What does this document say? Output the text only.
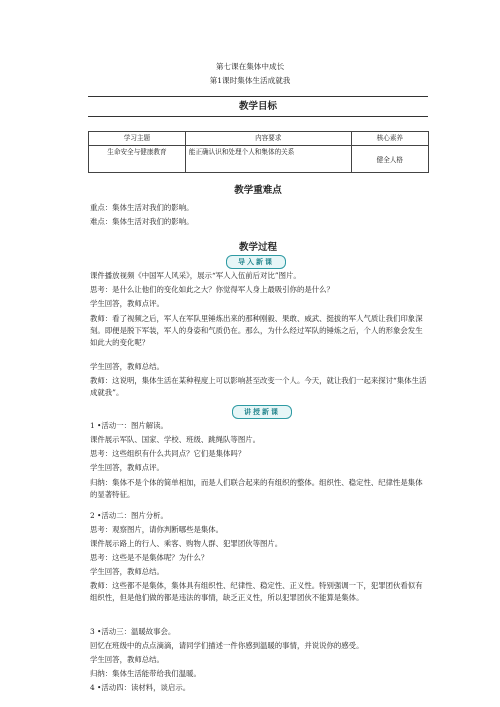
第七课在集体中成长
第1课时集体生活成就我
教学目标
学习主题	内容要求	核心素养
生命安全与健康教育	能正确认识和处理个人和集体的关系	健全人格
教学重难点

重点：集体生活对我们的影响。

难点：集体生活对我们的影响。

教学过程
导入新课

课件播放视频《中国军人风采》，展示“军人入伍前后对比”图片。

思考：是什么让他们的变化如此之大？你觉得军人身上最吸引你的是什么？

学生回答，教师点评。

教师：看了视频之后，军人在军队里锤炼出来的那种刚毅、果敢、威武、挺拔的军人气质让我们印象深刻。即便是脱下军装，军人的身姿和气质仍在。那么，为什么经过军队的锤炼之后，个人的形象会发生如此大的变化呢？

学生回答，教师总结。

教师：这说明，集体生活在某种程度上可以影响甚至改变一个人。今天，就让我们一起来探讨“集体生活成就我”。

讲授新课

1 •活动一：图片解读。

课件展示军队、国家、学校、班级、跳绳队等图片。

思考：这些组织有什么共同点？它们是集体吗？

学生回答，教师点评。

归纳：集体不是个体的简单相加，而是人们联合起来的有组织的整体。组织性、稳定性、纪律性是集体的显著特征。

2 •活动二：图片分析。

思考：观察图片，请你判断哪些是集体。

课件展示路上的行人、乘客、购物人群、犯罪团伙等图片。

思考：这些是不是集体呢？为什么？

学生回答，教师总结。

教师：这些都不是集体，集体具有组织性、纪律性、稳定性、正义性。特别强调一下，犯罪团伙看似有组织性，但是他们做的都是违法的事情，缺乏正义性，所以犯罪团伙不能算是集体。

3 •活动三：温暖故事会。

回忆在班级中的点点滴滴，请同学们描述一件你感到温暖的事情，并说说你的感受。

学生回答，教师总结。

归纳：集体生活能带给我们温暖。

4 •活动四：读材料，谈启示。
